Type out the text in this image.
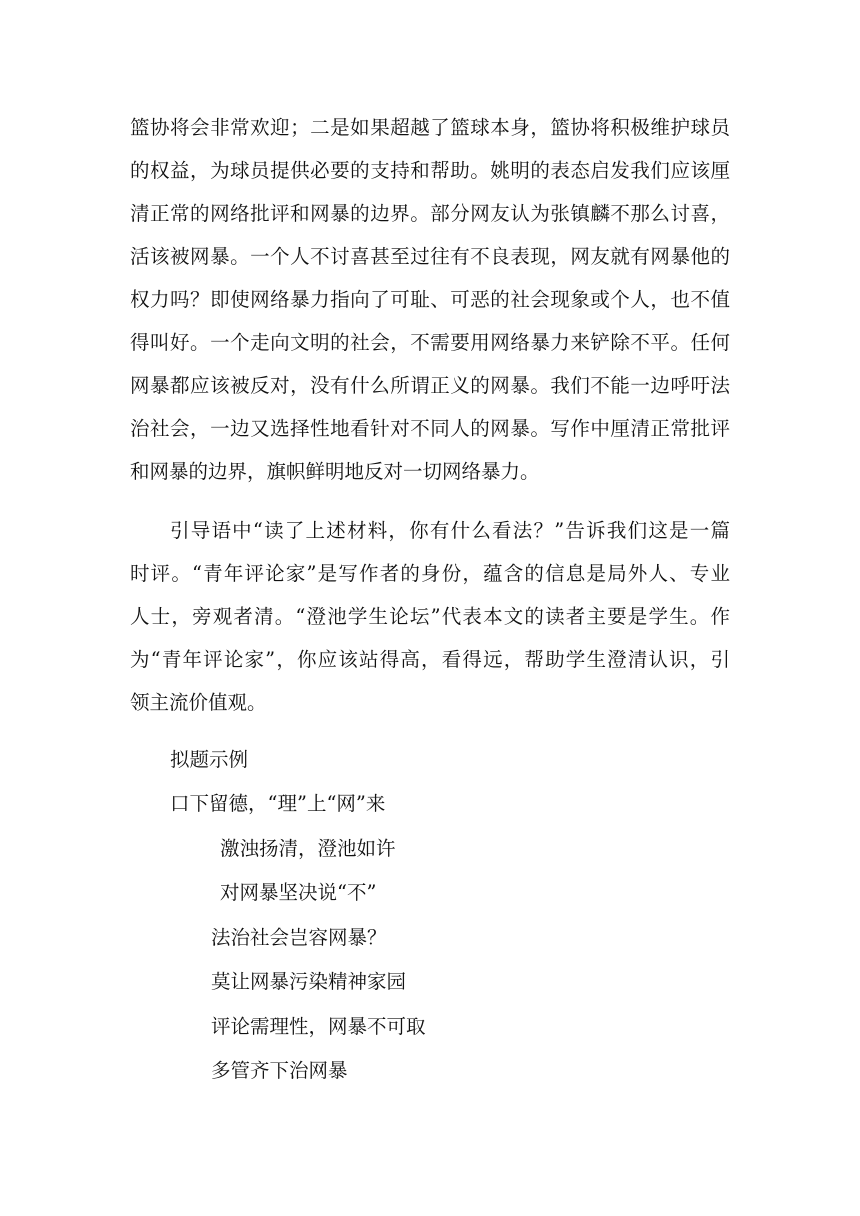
篮协将会非常欢迎；二是如果超越了篮球本身，篮协将积极维护球员
的权益，为球员提供必要的支持和帮助。姚明的表态启发我们应该厘
清正常的网络批评和网暴的边界。部分网友认为张镇麟不那么讨喜，
活该被网暴。一个人不讨喜甚至过往有不良表现，网友就有网暴他的
权力吗？即使网络暴力指向了可耻、可恶的社会现象或个人，也不值
得叫好。一个走向文明的社会，不需要用网络暴力来铲除不平。任何
网暴都应该被反对，没有什么所谓正义的网暴。我们不能一边呼吁法
治社会，一边又选择性地看针对不同人的网暴。写作中厘清正常批评
和网暴的边界，旗帜鲜明地反对一切网络暴力。
引导语中“读了上述材料，你有什么看法？”告诉我们这是一篇
时评。“青年评论家”是写作者的身份，蕴含的信息是局外人、专业
人士，旁观者清。“澄池学生论坛”代表本文的读者主要是学生。作
为“青年评论家”，你应该站得高，看得远，帮助学生澄清认识，引
领主流价值观。
拟题示例
口下留德，“理”上“网”来
激浊扬清，澄池如许
对网暴坚决说“不”
法治社会岂容网暴？
莫让网暴污染精神家园
评论需理性，网暴不可取
多管齐下治网暴
